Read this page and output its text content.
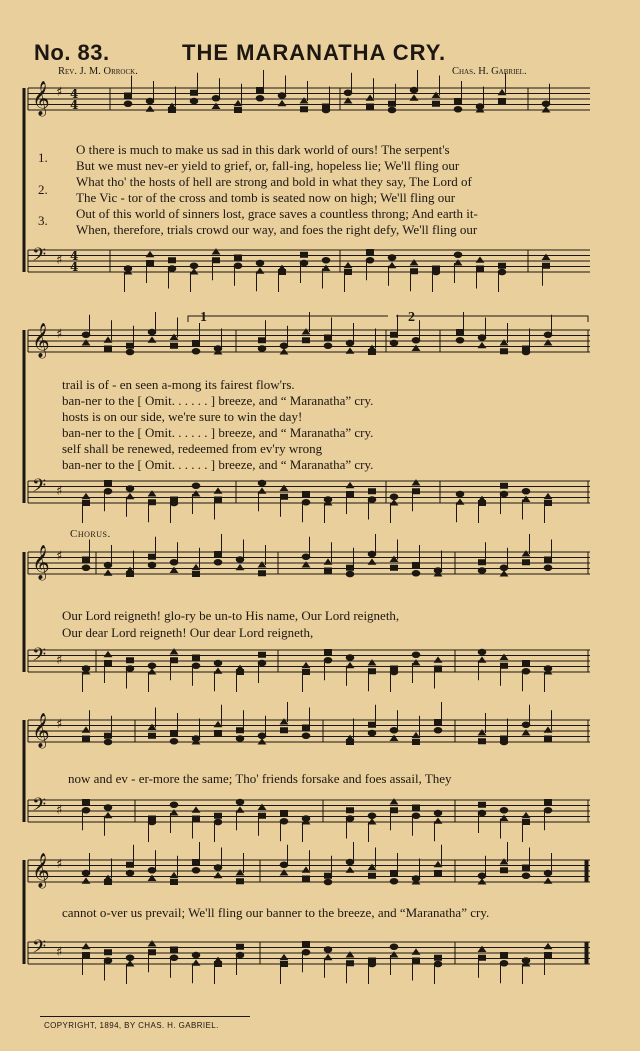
No. 83.	THE MARANATHA CRY.
Rev. J. M. Orrock.	Chas. H. Gabriel.
𝄞 ♯ 4
4
𝄢 ♯ 4
4
𝄞 ♯
𝄢 ♯
𝄞 ♯
𝄢 ♯
𝄞 ♯
𝄢 ♯
𝄞 ♯
𝄢 ♯
1.
2.
3.
O there is much to make us sad in this dark world of ours! The serpent's
But we must nev-er yield to grief, or, fall-ing, hopeless lie; We'll fling our
What tho' the hosts of hell are strong and bold in what they say, The Lord of
The Vic - tor of the cross and tomb is seated now on high; We'll fling our
Out of this world of sinners lost, grace saves a countless throng; And earth it-
When, therefore, trials crowd our way, and foes the right defy, We'll fling our
1	2
trail is of - en seen a-mong its fairest flow'rs.
ban-ner to the [ Omit. . . . . . ] breeze, and “ Maranatha” cry.
hosts is on our side, we're sure to win the day!
ban-ner to the [ Omit. . . . . . ] breeze, and “ Maranatha” cry.
self shall be renewed, redeemed from ev'ry wrong
ban-ner to the [ Omit. . . . . . ] breeze, and “ Maranatha” cry.
Chorus.
Our Lord reigneth! glo-ry be un-to His name, Our Lord reigneth,
Our dear Lord reigneth! Our dear Lord reigneth,
now and ev - er-more the same; Tho' friends forsake and foes assail, They
cannot o-ver us prevail; We'll fling our banner to the breeze, and “Maranatha” cry.
COPYRIGHT, 1894, BY CHAS. H. GABRIEL.
